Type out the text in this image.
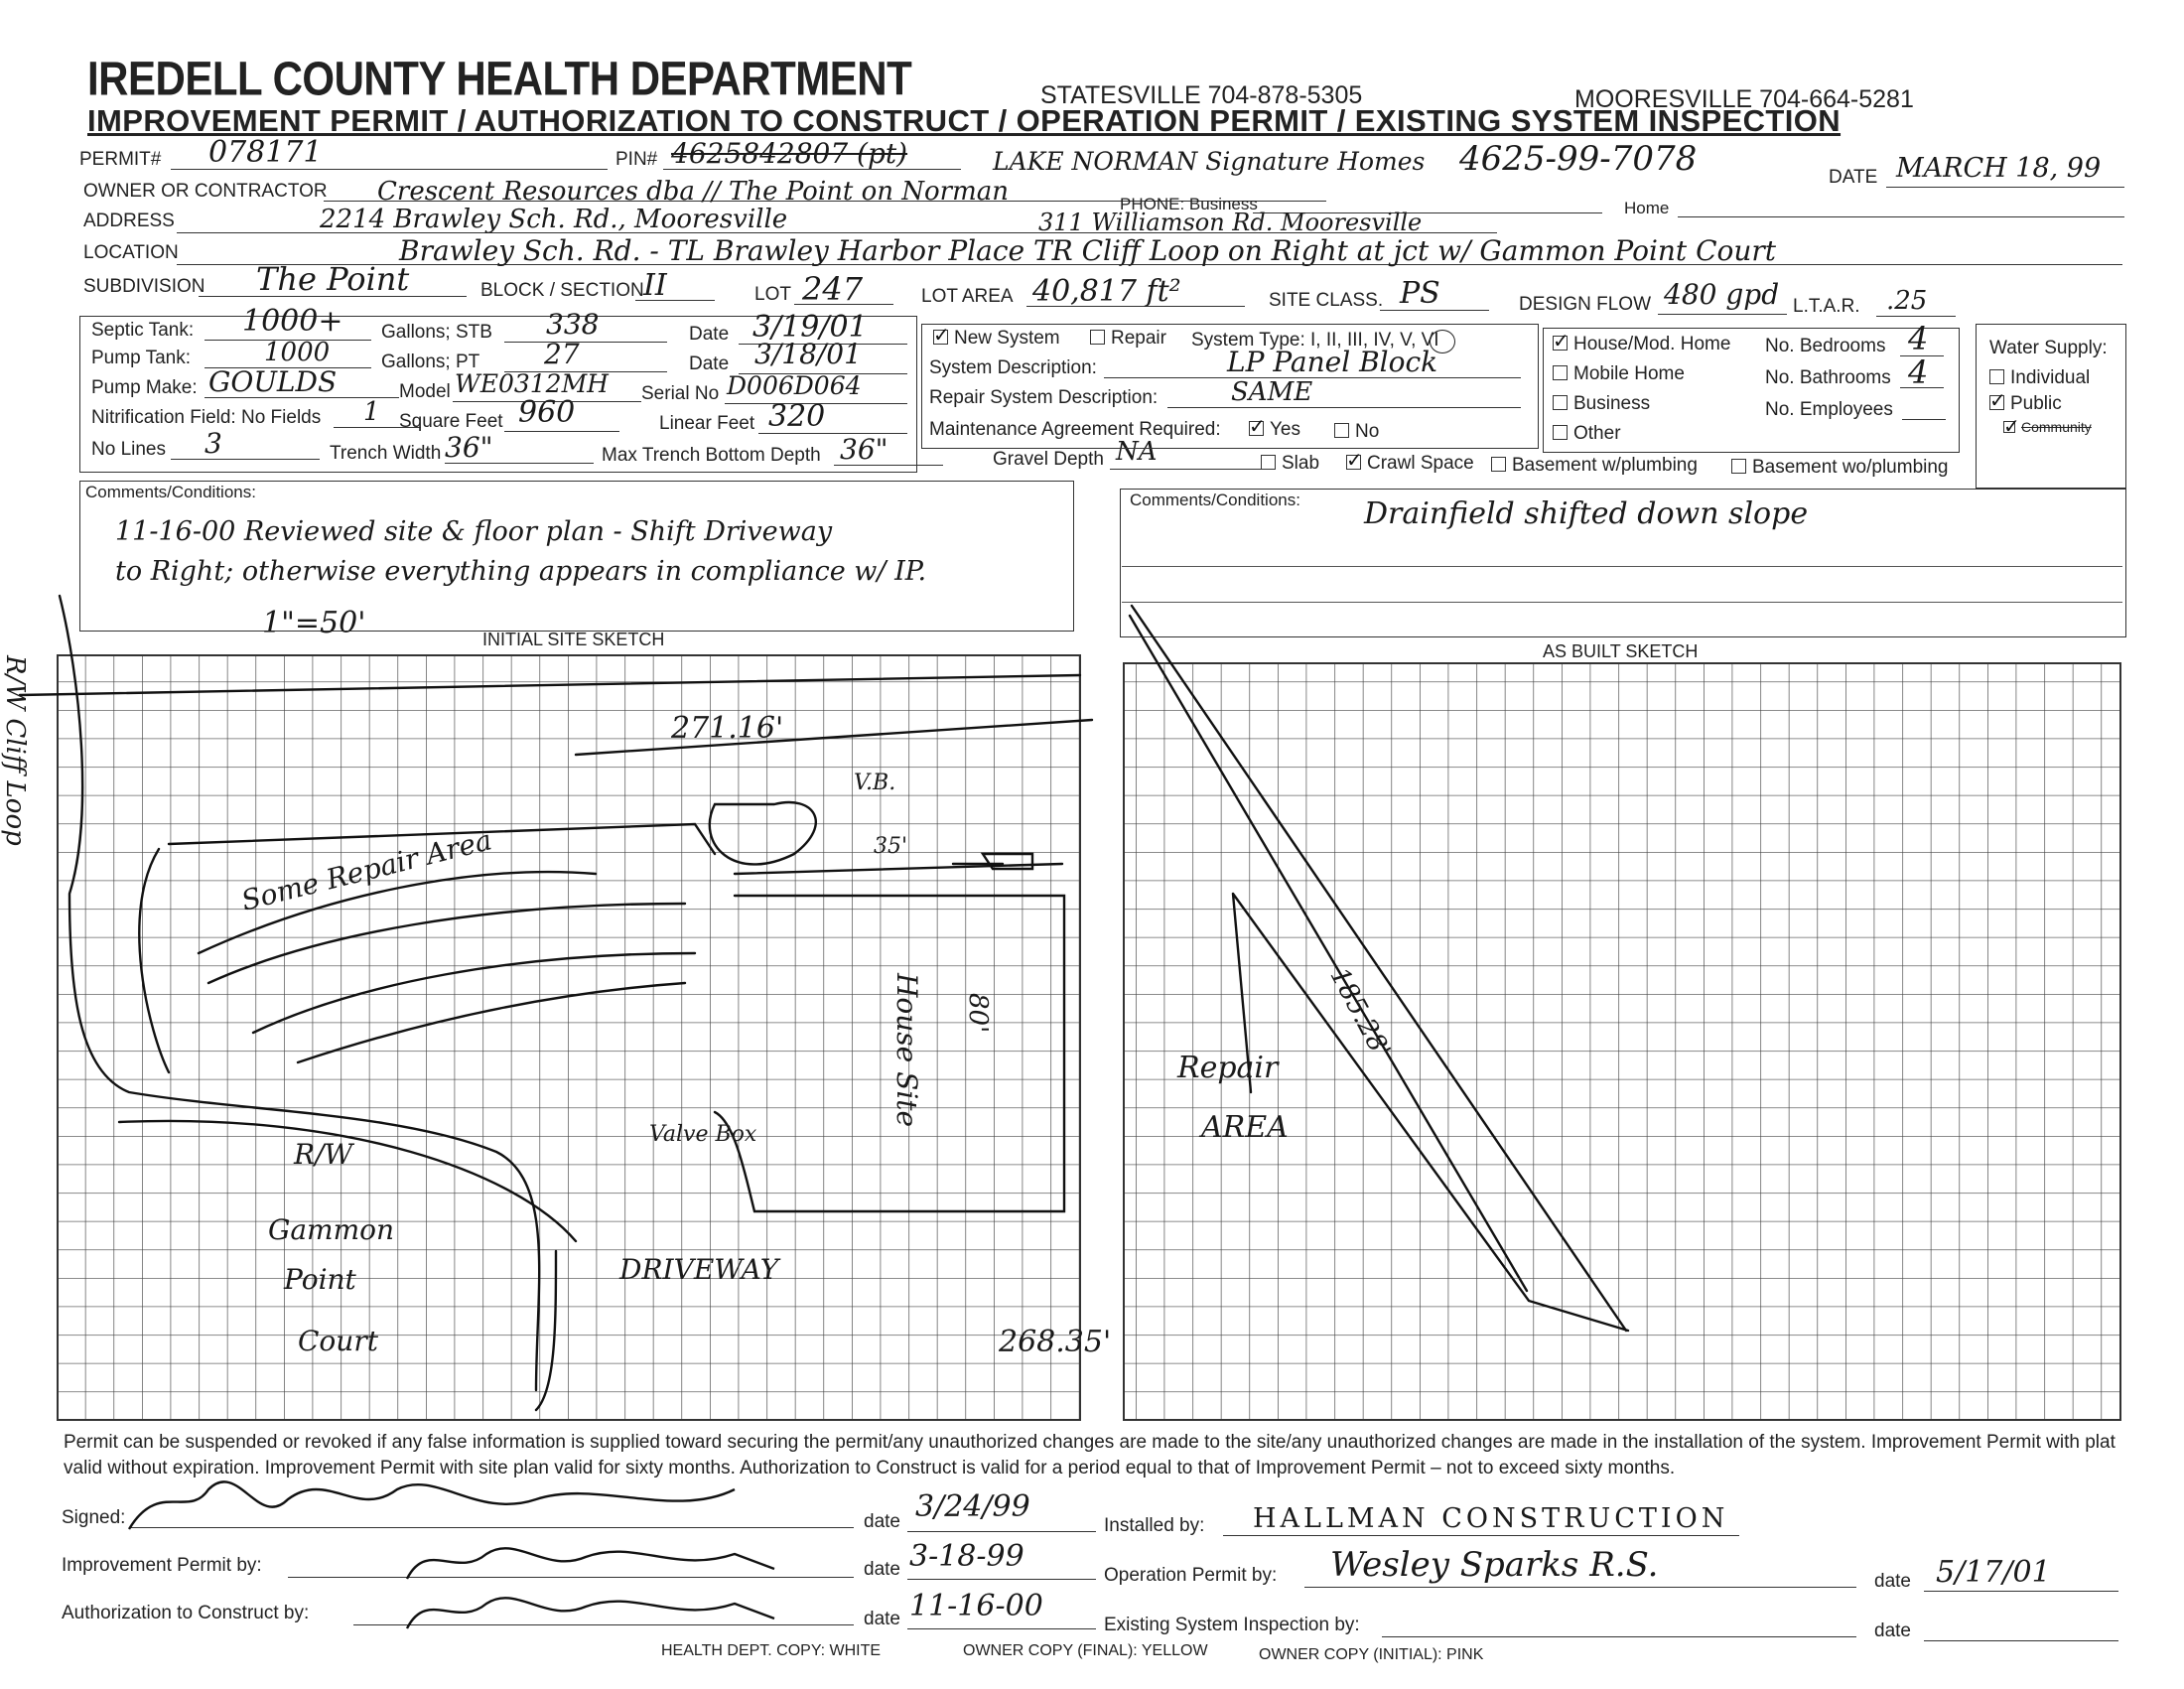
IREDELL COUNTY HEALTH DEPARTMENT	STATESVILLE 704-878-5305	MOORESVILLE 704-664-5281
IMPROVEMENT PERMIT / AUTHORIZATION TO CONSTRUCT / OPERATION PERMIT / EXISTING SYSTEM INSPECTION
PERMIT# 078171	PIN# 4625842807 (pt)	LAKE NORMAN Signature Homes 4625-99-7078	DATE MARCH 18, 99
OWNER OR CONTRACTOR Crescent Resources dba // The Point on Norman	PHONE: Business	Home
ADDRESS	2214 Brawley Sch. Rd., Mooresville	311 Williamson Rd. Mooresville
LOCATION	Brawley Sch. Rd. - TL Brawley Harbor Place TR Cliff Loop on Right at jct w/ Gammon Point Court
SUBDIVISION The Point	BLOCK / SECTION II	LOT 247	LOT AREA 40,817 ft²	SITE CLASS. PS	DESIGN FLOW 480 gpd L.T.A.R. .25
Septic Tank: 1000+ Gallons; STB 338	Date 3/19/01
Pump Tank:	1000	Gallons; PT 27	Date 3/18/01
Pump Make: GOULDS	Model WE0312MH Serial No D006D064
Nitrification Field: No Fields 1 Square Feet 960	Linear Feet 320
No Lines 3	Trench Width 36"	Max Trench Bottom Depth 36"	Gravel Depth NA
✓New System	Repair System Type: I, II, III, IV, V, VI
System Description:	LP Panel Block
Repair System Description:	SAME
Maintenance Agreement Required: ✓	Yes	No
Slab ✓	Crawl Space	Basement w/plumbing	Basement wo/plumbing
✓House/Mod. Home
Mobile Home
Business
Other
No. Bedrooms 4
No. Bathrooms 4
No. Employees
Water Supply:
Individual
✓Public
✓Community
Comments/Conditions:
11-16-00 Reviewed site & floor plan - Shift Driveway
to Right; otherwise everything appears in compliance w/ IP.
Comments/Conditions: Drainfield shifted down slope
INITIAL SITE SKETCH
AS BUILT SKETCH
1"=50'
271.16'
R/W Cliff Loop
Some Repair Area
V.B.
35'
House Site 80'
Valve Box
R/W
Gammon
Point
Court
DRIVEWAY
268.35'
185.28'
Repair
AREA
Permit can be suspended or revoked if any false information is supplied toward securing the permit/any unauthorized changes are made to the site/any unauthorized changes are made in the installation of the system. Improvement Permit with plat valid without expiration. Improvement Permit with site plan valid for sixty months. Authorization to Construct is valid for a period equal to that of Improvement Permit – not to exceed sixty months.
Signed:	date 3/24/99
Improvement Permit by:	date 3-18-99
Authorization to Construct by:	date 11-16-00
Installed by: HALLMAN CONSTRUCTION
Operation Permit by: Wesley Sparks R.S.	date 5/17/01
Existing System Inspection by:	date
HEALTH DEPT. COPY: WHITE	OWNER COPY (FINAL): YELLOW	OWNER COPY (INITIAL): PINK
